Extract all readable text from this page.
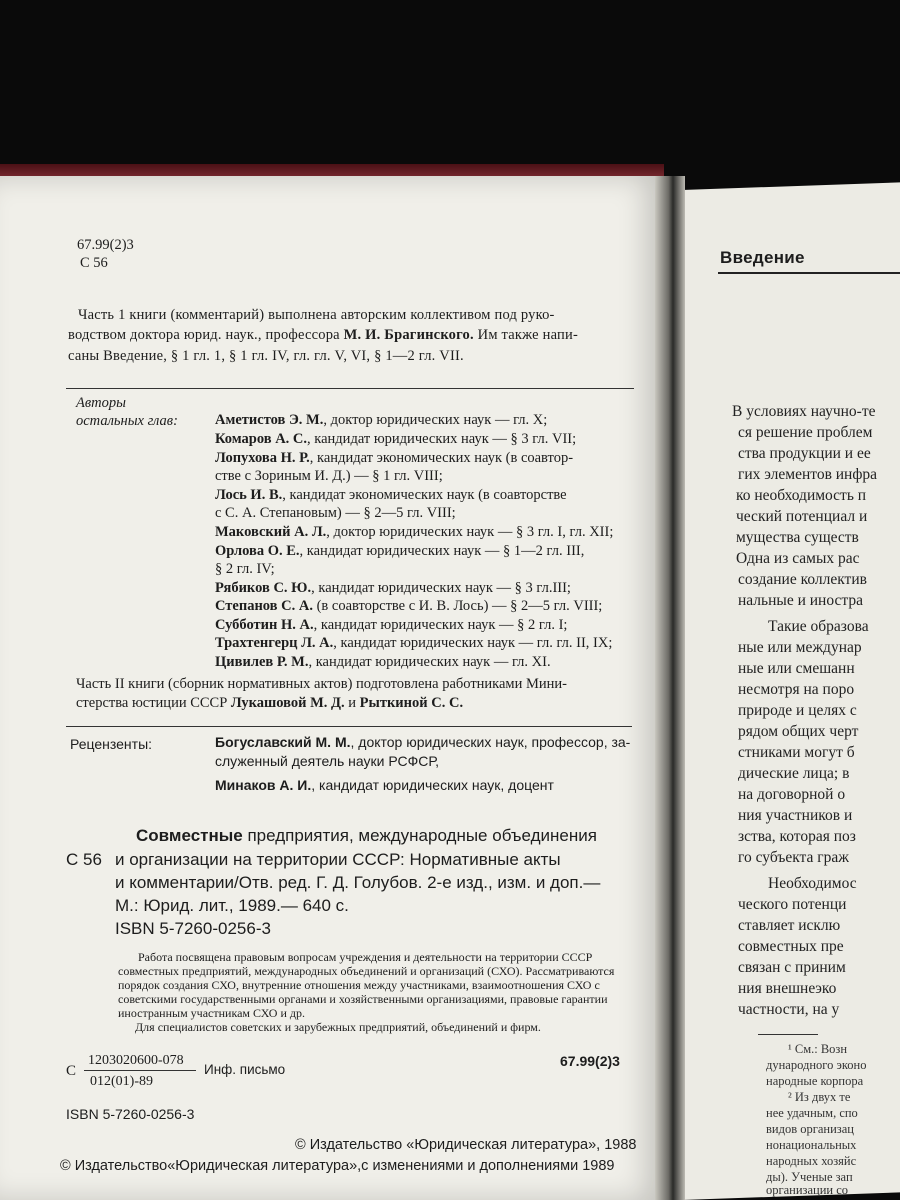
67.99(2)3
С 56
Часть 1 книги (комментарий) выполнена авторским коллективом под руко-
водством доктора юрид. наук., профессора М. И. Брагинского. Им также напи-
саны Введение, § 1 гл. 1, § 1 гл. IV, гл. гл. V, VI, § 1—2 гл. VII.
Авторы
остальных глав:	Аметистов Э. М., доктор юридических наук — гл. X;
Комаров А. С., кандидат юридических наук — § 3 гл. VII;
Лопухова Н. Р., кандидат экономических наук (в соавтор-
стве с Зориным И. Д.) — § 1 гл. VIII;
Лось И. В., кандидат экономических наук (в соавторстве
с С. А. Степановым) — § 2—5 гл. VIII;
Маковский А. Л., доктор юридических наук — § 3 гл. I, гл. XII;
Орлова О. Е., кандидат юридических наук — § 1—2 гл. III,
§ 2 гл. IV;
Рябиков С. Ю., кандидат юридических наук — § 3 гл.III;
Степанов С. А. (в соавторстве с И. В. Лось) — § 2—5 гл. VIII;
Субботин Н. А., кандидат юридических наук — § 2 гл. I;
Трахтенгерц Л. А., кандидат юридических наук — гл. гл. II, IX;
Цивилев Р. М., кандидат юридических наук — гл. XI.
Часть II книги (сборник нормативных актов) подготовлена работниками Мини-
стерства юстиции СССР Лукашовой М. Д. и Рыткиной С. С.
Рецензенты:	Богуславский М. М., доктор юридических наук, профессор, за-
служенный деятель науки РСФСР,
Минаков А. И., кандидат юридических наук, доцент
Совместные предприятия, международные объединения
С 56 и организации на территории СССР: Нормативные акты
и комментарии/Отв. ред. Г. Д. Голубов. 2-е изд., изм. и доп.—
М.: Юрид. лит., 1989.— 640 с.
ISBN 5-7260-0256-3
Работа посвящена правовым вопросам учреждения и деятельности на территории СССР
совместных предприятий, международных объединений и организаций (СХО). Рассматриваются
порядок создания СХО, внутренние отношения между участниками, взаимоотношения СХО с
советскими государственными органами и хозяйственными организациями, правовые гарантии
иностранным участникам СХО и др.
Для специалистов советских и зарубежных предприятий, объединений и фирм.
С
1203020600-078
012(01)-89
Инф. письмо
67.99(2)3
ISBN 5-7260-0256-3
© Издательство «Юридическая литература», 1988
© Издательство«Юридическая литература»,с изменениями и дополнениями 1989
Введение
В условиях научно-те
ся решение проблем
ства продукции и ее
гих элементов инфра
ко необходимость п
ческий потенциал и
мущества существ
Одна из самых рас
создание коллектив
нальные и иностра
Такие образова
ные или междунар
ные или смешанн
несмотря на поро
природе и целях с
рядом общих черт
стниками могут б
дические лица; в
на договорной о
ния участников и
зства, которая поз
го субъекта граж
Необходимос
ческого потенци
ставляет исклю
совместных пре
связан с приним
ния внешнеэко
частности, на у
¹ См.: Возн
дународного эконо
народные корпора
² Из двух те
нее удачным, спо
видов организац
нонациональных
народных хозяйс
ды). Ученые зап
организации со
